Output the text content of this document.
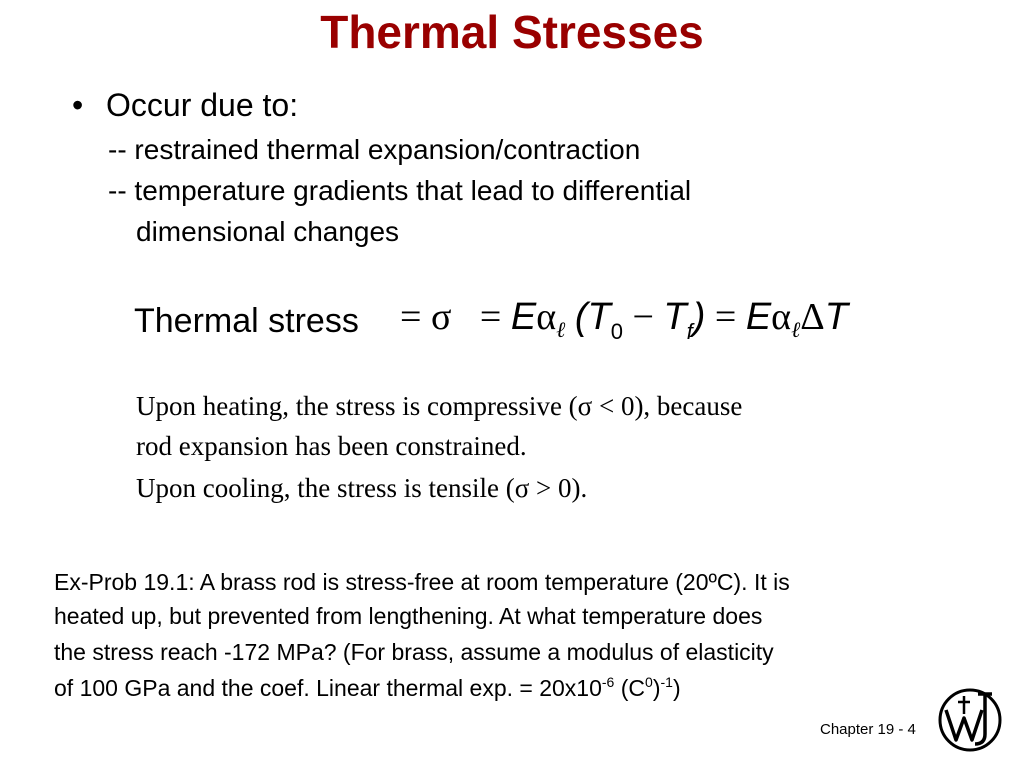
Thermal Stresses
• Occur due to:
-- restrained thermal expansion/contraction
-- temperature gradients that lead to differential
dimensional changes
Thermal stress = $\sigma = E\alpha_\ell$ $(T_0 - T_f) = E\alpha_\ell\Delta T$
Upon heating, the stress is compressive (σ < 0), because
rod expansion has been constrained.
Upon cooling, the stress is tensile (σ > 0).
Ex-Prob 19.1: A brass rod is stress-free at room temperature (20ºC). It is
heated up, but prevented from lengthening. At what temperature does
the stress reach -172 MPa? (For brass, assume a modulus of elasticity
of 100 GPa and the coef. Linear thermal exp. = $20x10^{-6}$ $(C^0)^{-1}$)
Chapter 19 - 4
